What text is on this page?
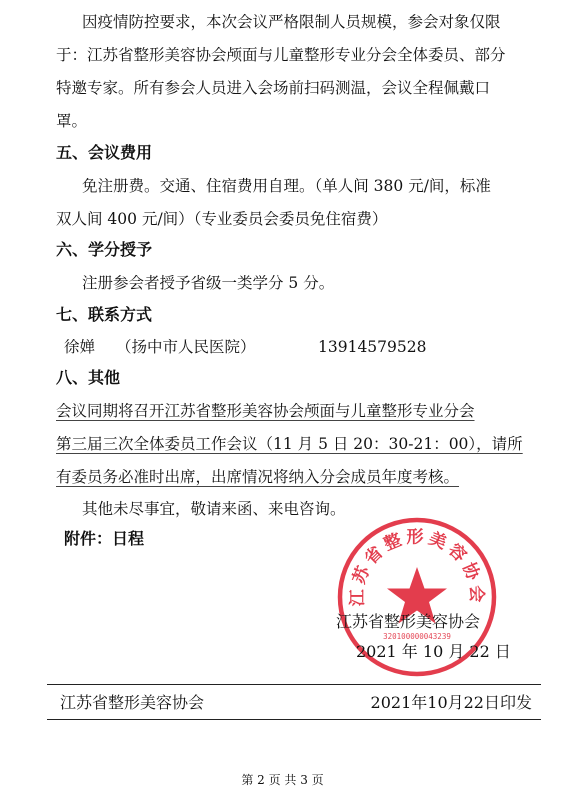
因疫情防控要求，本次会议严格限制人员规模，参会对象仅限
于：江苏省整形美容协会颅面与儿童整形专业分会全体委员、部分
特邀专家。所有参会人员进入会场前扫码测温，会议全程佩戴口
罩。
五、会议费用
免注册费。交通、住宿费用自理。（单人间 380 元/间，标准
双人间 400 元/间）（专业委员会委员免住宿费）
六、学分授予
注册参会者授予省级一类学分 5 分。
七、联系方式
徐婵 （扬中市人民医院）	13914579528
八、其他
会议同期将召开江苏省整形美容协会颅面与儿童整形专业分会
第三届三次全体委员工作会议（11 月 5 日 20：30-21：00），请所
有委员务必准时出席，出席情况将纳入分会成员年度考核。
其他未尽事宜，敬请来函、来电咨询。
附件：日程
江苏省整形美容协会
320100000043239
江苏省整形美容协会
2021 年 10 月 22 日
江苏省整形美容协会	2021年10月22日印发
第 2 页 共 3 页
